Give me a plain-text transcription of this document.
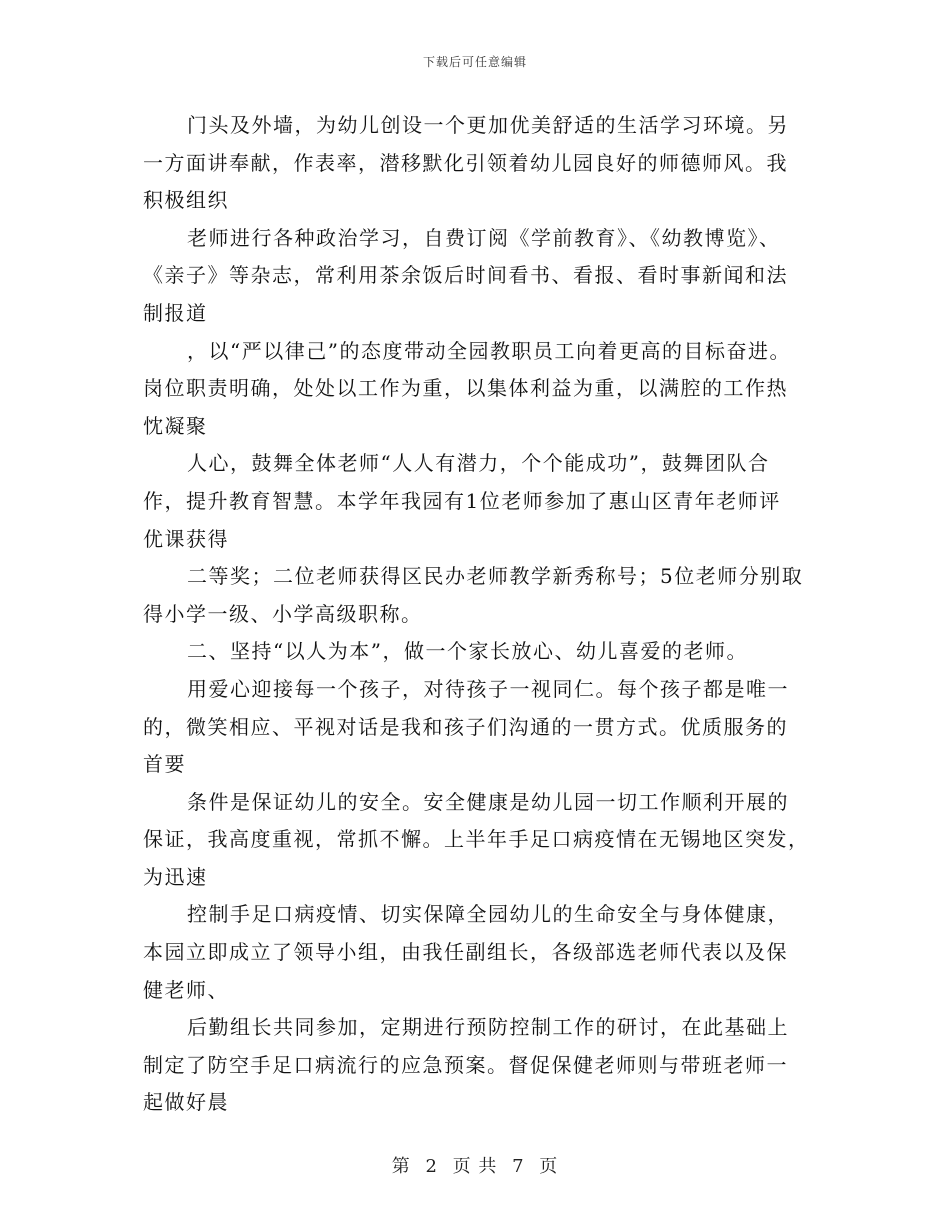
下载后可任意编辑

门头及外墙，为幼儿创设一个更加优美舒适的生活学习环境。另
一方面讲奉献，作表率，潜移默化引领着幼儿园良好的师德师风。我
积极组织

老师进行各种政治学习，自费订阅《学前教育》、《幼教博览》、
《亲子》等杂志，常利用茶余饭后时间看书、看报、看时事新闻和法
制报道

，以“严以律己”的态度带动全园教职员工向着更高的目标奋进。
岗位职责明确，处处以工作为重，以集体利益为重，以满腔的工作热
忱凝聚

人心，鼓舞全体老师“人人有潜力，个个能成功”，鼓舞团队合
作，提升教育智慧。本学年我园有1位老师参加了惠山区青年老师评
优课获得

二等奖；二位老师获得区民办老师教学新秀称号；5位老师分别取
得小学一级、小学高级职称。

二、坚持“以人为本”，做一个家长放心、幼儿喜爱的老师。

用爱心迎接每一个孩子，对待孩子一视同仁。每个孩子都是唯一
的，微笑相应、平视对话是我和孩子们沟通的一贯方式。优质服务的
首要

条件是保证幼儿的安全。安全健康是幼儿园一切工作顺利开展的
保证，我高度重视，常抓不懈。上半年手足口病疫情在无锡地区突发，
为迅速

控制手足口病疫情、切实保障全园幼儿的生命安全与身体健康，
本园立即成立了领导小组，由我任副组长，各级部选老师代表以及保
健老师、

后勤组长共同参加，定期进行预防控制工作的研讨，在此基础上
制定了防空手足口病流行的应急预案。督促保健老师则与带班老师一
起做好晨

第 2 页 共 7 页
